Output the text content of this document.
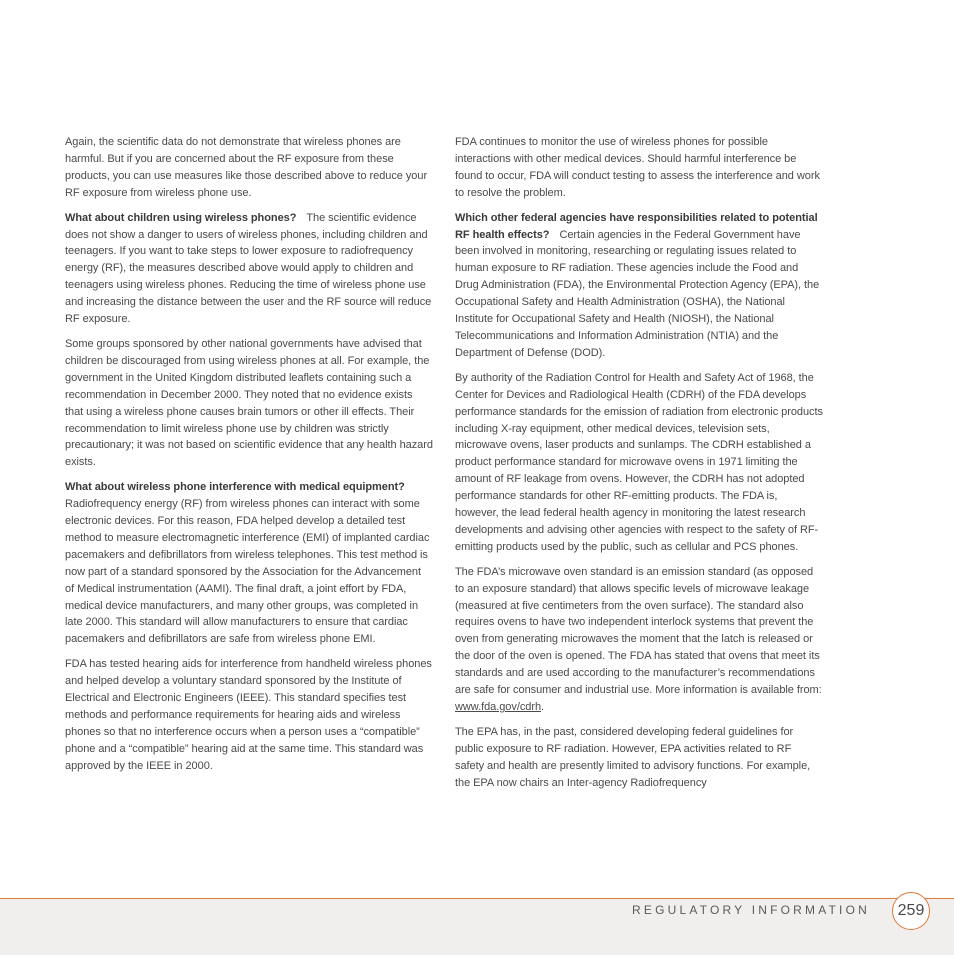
Again, the scientific data do not demonstrate that wireless phones are harmful. But if you are concerned about the RF exposure from these products, you can use measures like those described above to reduce your RF exposure from wireless phone use.

What about children using wireless phones? The scientific evidence does not show a danger to users of wireless phones, including children and teenagers. If you want to take steps to lower exposure to radiofrequency energy (RF), the measures described above would apply to children and teenagers using wireless phones. Reducing the time of wireless phone use and increasing the distance between the user and the RF source will reduce RF exposure.

Some groups sponsored by other national governments have advised that children be discouraged from using wireless phones at all. For example, the government in the United Kingdom distributed leaflets containing such a recommendation in December 2000. They noted that no evidence exists that using a wireless phone causes brain tumors or other ill effects. Their recommendation to limit wireless phone use by children was strictly precautionary; it was not based on scientific evidence that any health hazard exists.

What about wireless phone interference with medical equipment?Radiofrequency energy (RF) from wireless phones can interact with some electronic devices. For this reason, FDA helped develop a detailed test method to measure electromagnetic interference (EMI) of implanted cardiac pacemakers and defibrillators from wireless telephones. This test method is now part of a standard sponsored by the Association for the Advancement of Medical instrumentation (AAMI). The final draft, a joint effort by FDA, medical device manufacturers, and many other groups, was completed in late 2000. This standard will allow manufacturers to ensure that cardiac pacemakers and defibrillators are safe from wireless phone EMI.

FDA has tested hearing aids for interference from handheld wireless phones and helped develop a voluntary standard sponsored by the Institute of Electrical and Electronic Engineers (IEEE). This standard specifies test methods and performance requirements for hearing aids and wireless phones so that no interference occurs when a person uses a “compatible” phone and a “compatible” hearing aid at the same time. This standard was approved by the IEEE in 2000.

FDA continues to monitor the use of wireless phones for possible interactions with other medical devices. Should harmful interference be found to occur, FDA will conduct testing to assess the interference and work to resolve the problem.

Which other federal agencies have responsibilities related to potential RF health effects? Certain agencies in the Federal Government have been involved in monitoring, researching or regulating issues related to human exposure to RF radiation. These agencies include the Food and Drug Administration (FDA), the Environmental Protection Agency (EPA), the Occupational Safety and Health Administration (OSHA), the National Institute for Occupational Safety and Health (NIOSH), the National Telecommunications and Information Administration (NTIA) and the Department of Defense (DOD).

By authority of the Radiation Control for Health and Safety Act of 1968, the Center for Devices and Radiological Health (CDRH) of the FDA develops performance standards for the emission of radiation from electronic products including X-ray equipment, other medical devices, television sets, microwave ovens, laser products and sunlamps. The CDRH established a product performance standard for microwave ovens in 1971 limiting the amount of RF leakage from ovens. However, the CDRH has not adopted performance standards for other RF-emitting products. The FDA is, however, the lead federal health agency in monitoring the latest research developments and advising other agencies with respect to the safety of RF-emitting products used by the public, such as cellular and PCS phones.

The FDA’s microwave oven standard is an emission standard (as opposed to an exposure standard) that allows specific levels of microwave leakage (measured at five centimeters from the oven surface). The standard also requires ovens to have two independent interlock systems that prevent the oven from generating microwaves the moment that the latch is released or the door of the oven is opened. The FDA has stated that ovens that meet its standards and are used according to the manufacturer’s recommendations are safe for consumer and industrial use. More information is available from: www.fda.gov/cdrh.

The EPA has, in the past, considered developing federal guidelines for public exposure to RF radiation. However, EPA activities related to RF safety and health are presently limited to advisory functions. For example, the EPA now chairs an Inter-agency Radiofrequency

REGULATORY INFORMATION 259
